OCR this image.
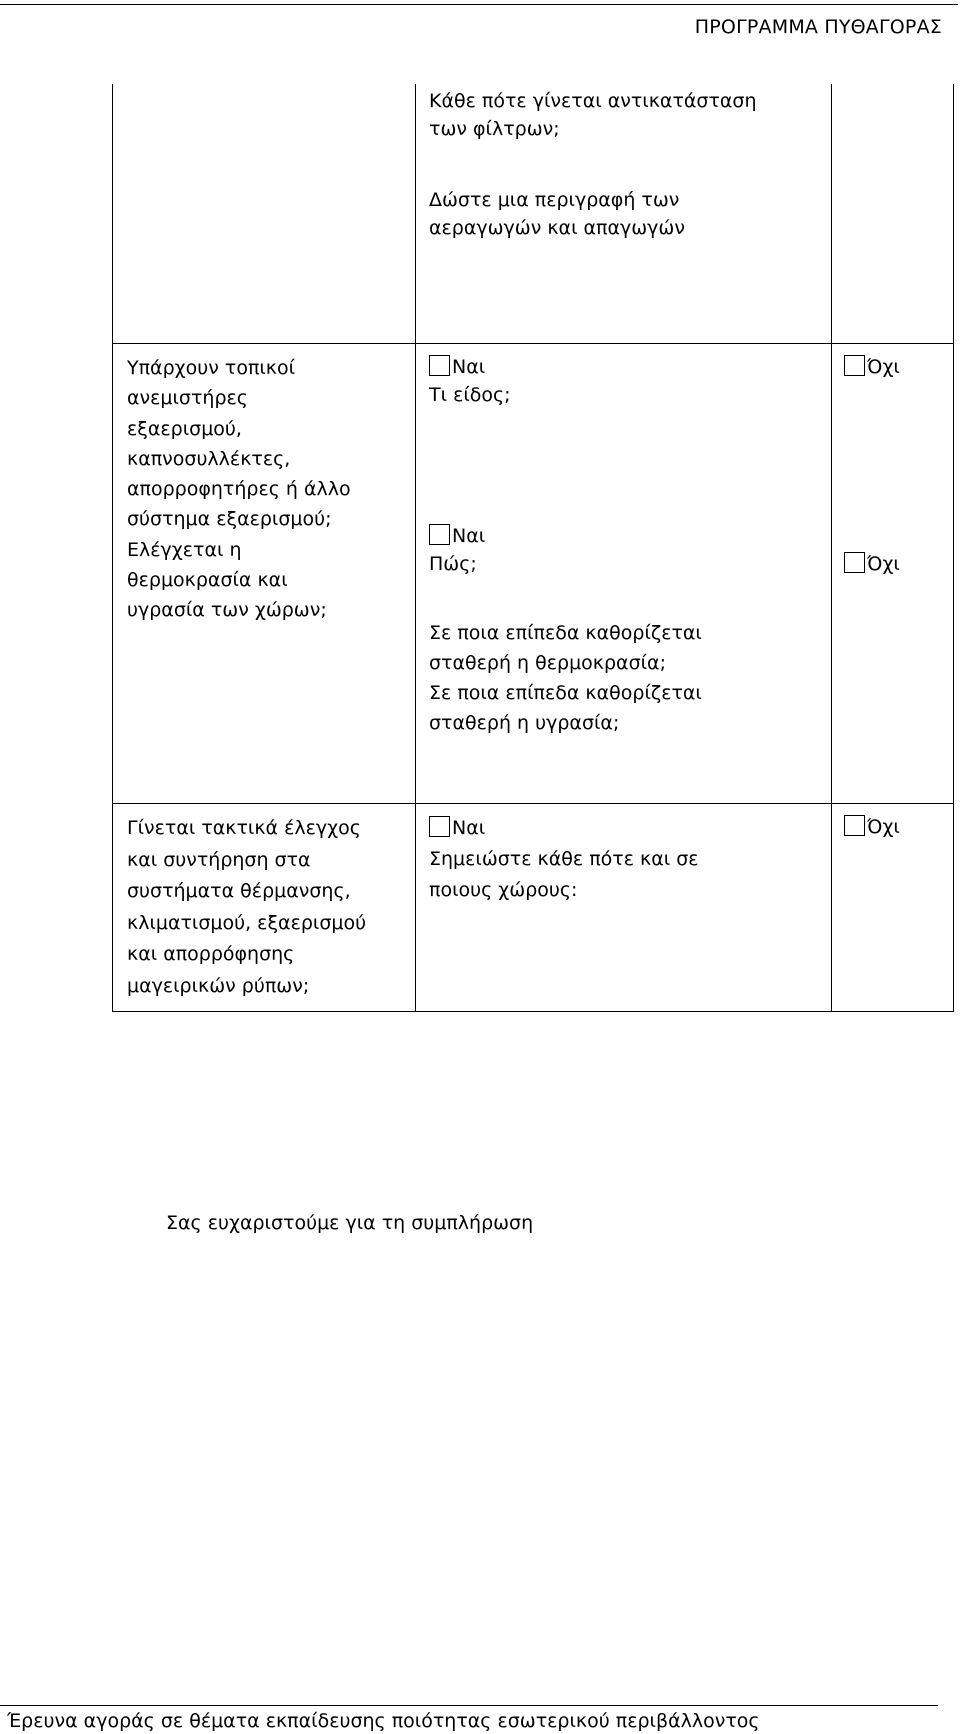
ΠΡΟΓΡΑΜΜΑ ΠΥΘΑΓΟΡΑΣ
Κάθε πότε γίνεται αντικατάσταση
των φίλτρων;
Δώστε μια περιγραφή των
αεραγωγών και απαγωγών
Υπάρχουν τοπικοί
ανεμιστήρες
εξαερισμού,
καπνοσυλλέκτες,
απορροφητήρες ή άλλο
σύστημα εξαερισμού;
Ελέγχεται η
θερμοκρασία και
υγρασία των χώρων;
Ναι
Τι είδος;
Ναι
Πώς;
Σε ποια επίπεδα καθορίζεται
σταθερή η θερμοκρασία;
Σε ποια επίπεδα καθορίζεται
σταθερή η υγρασία;
Όχι
Όχι
Γίνεται τακτικά έλεγχος
και συντήρηση στα
συστήματα θέρμανσης,
κλιματισμού, εξαερισμού
και απορρόφησης
μαγειρικών ρύπων;
Ναι
Σημειώστε κάθε πότε και σε
ποιους χώρους:
Όχι
Σας ευχαριστούμε για τη συμπλήρωση
Έρευνα αγοράς σε θέματα εκπαίδευσης ποιότητας εσωτερικού περιβάλλοντος
